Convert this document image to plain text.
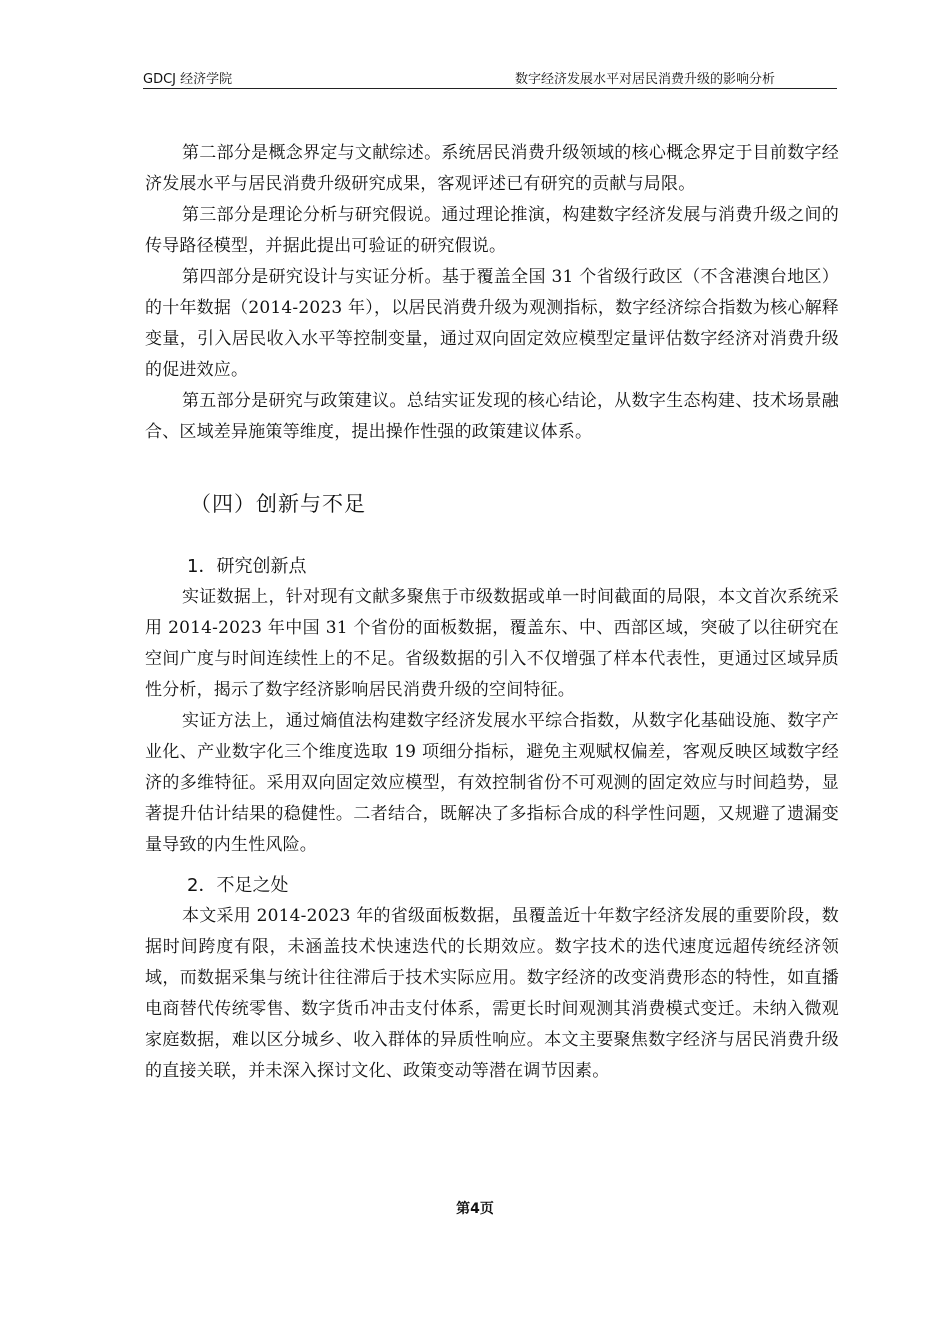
GDCJ 经济学院	数字经济发展水平对居民消费升级的影响分析

第二部分是概念界定与文献综述。系统居民消费升级领域的核心概念界定于目前数字经济发展水平与居民消费升级研究成果，客观评述已有研究的贡献与局限。

第三部分是理论分析与研究假说。通过理论推演，构建数字经济发展与消费升级之间的传导路径模型，并据此提出可验证的研究假说。

第四部分是研究设计与实证分析。基于覆盖全国 31 个省级行政区（不含港澳台地区）的十年数据（2014-2023 年），以居民消费升级为观测指标，数字经济综合指数为核心解释变量，引入居民收入水平等控制变量，通过双向固定效应模型定量评估数字经济对消费升级的促进效应。

第五部分是研究与政策建议。总结实证发现的核心结论，从数字生态构建、技术场景融合、区域差异施策等维度，提出操作性强的政策建议体系。

（四）创新与不足
1．研究创新点

实证数据上，针对现有文献多聚焦于市级数据或单一时间截面的局限，本文首次系统采用 2014-2023 年中国 31 个省份的面板数据，覆盖东、中、西部区域，突破了以往研究在空间广度与时间连续性上的不足。省级数据的引入不仅增强了样本代表性，更通过区域异质性分析，揭示了数字经济影响居民消费升级的空间特征。

实证方法上，通过熵值法构建数字经济发展水平综合指数，从数字化基础设施、数字产业化、产业数字化三个维度选取 19 项细分指标，避免主观赋权偏差，客观反映区域数字经济的多维特征。采用双向固定效应模型，有效控制省份不可观测的固定效应与时间趋势，显著提升估计结果的稳健性。二者结合，既解决了多指标合成的科学性问题，又规避了遗漏变量导致的内生性风险。

2．不足之处

本文采用 2014-2023 年的省级面板数据，虽覆盖近十年数字经济发展的重要阶段，数据时间跨度有限，未涵盖技术快速迭代的长期效应。数字技术的迭代速度远超传统经济领域，而数据采集与统计往往滞后于技术实际应用。数字经济的改变消费形态的特性，如直播电商替代传统零售、数字货币冲击支付体系，需更长时间观测其消费模式变迁。未纳入微观家庭数据，难以区分城乡、收入群体的异质性响应。本文主要聚焦数字经济与居民消费升级的直接关联，并未深入探讨文化、政策变动等潜在调节因素。

第4页
